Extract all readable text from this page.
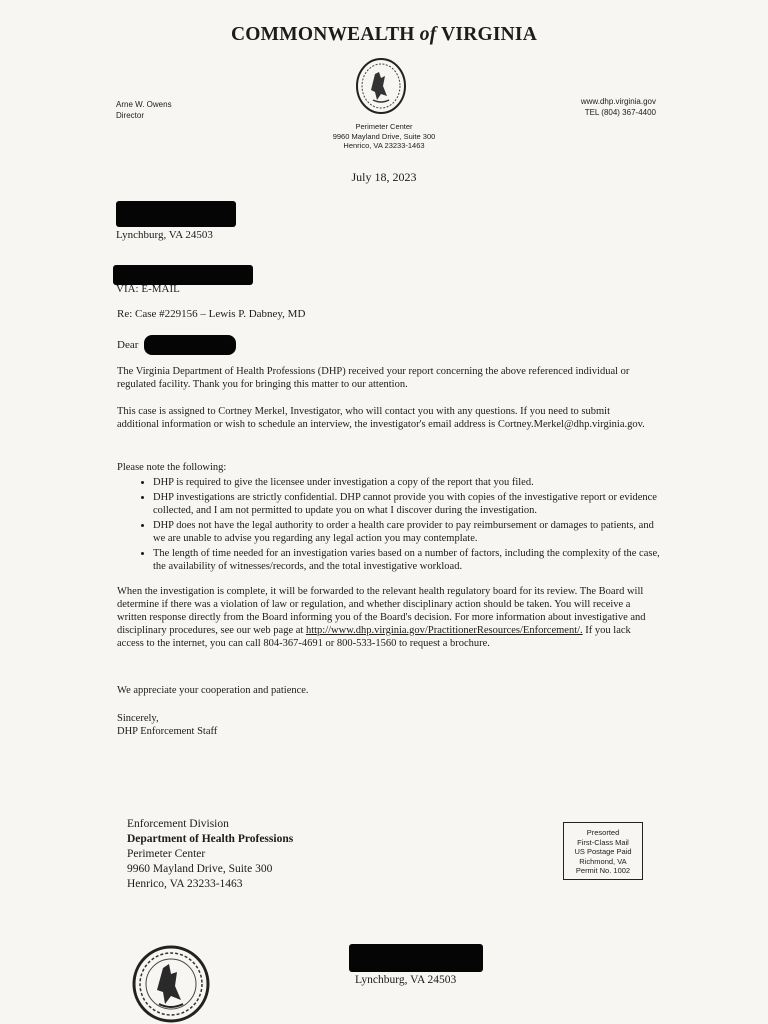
COMMONWEALTH of VIRGINIA
Arne W. Owens
Director
www.dhp.virginia.gov
TEL (804) 367-4400
Perimeter Center
9960 Mayland Drive, Suite 300
Henrico, VA 23233-1463
July 18, 2023
Lynchburg, VA 24503
VIA: E-MAIL
Re: Case #229156 – Lewis P. Dabney, MD
Dear
The Virginia Department of Health Professions (DHP) received your report concerning the above referenced individual or regulated facility. Thank you for bringing this matter to our attention.
This case is assigned to Cortney Merkel, Investigator, who will contact you with any questions. If you need to submit additional information or wish to schedule an interview, the investigator's email address is Cortney.Merkel@dhp.virginia.gov.

Please note the following:

• DHP is required to give the licensee under investigation a copy of the report that you filed.
• DHP investigations are strictly confidential. DHP cannot provide you with copies of the investigative report or evidence collected, and I am not permitted to update you on what I discover during the investigation.
• DHP does not have the legal authority to order a health care provider to pay reimbursement or damages to patients, and we are unable to advise you regarding any legal action you may contemplate.
• The length of time needed for an investigation varies based on a number of factors, including the complexity of the case, the availability of witnesses/records, and the total investigative workload.
When the investigation is complete, it will be forwarded to the relevant health regulatory board for its review. The Board will determine if there was a violation of law or regulation, and whether disciplinary action should be taken. You will receive a written response directly from the Board informing you of the Board's decision. For more information about investigative and disciplinary procedures, see our web page at http://www.dhp.virginia.gov/PractitionerResources/Enforcement/. If you lack access to the internet, you can call 804-367-4691 or 800-533-1560 to request a brochure.
We appreciate your cooperation and patience.
Sincerely,
DHP Enforcement Staff
Enforcement Division
Department of Health Professions
Perimeter Center
9960 Mayland Drive, Suite 300
Henrico, VA 23233-1463
Presorted
First-Class Mail
US Postage Paid
Richmond, VA
Permit No. 1002
Lynchburg, VA 24503
